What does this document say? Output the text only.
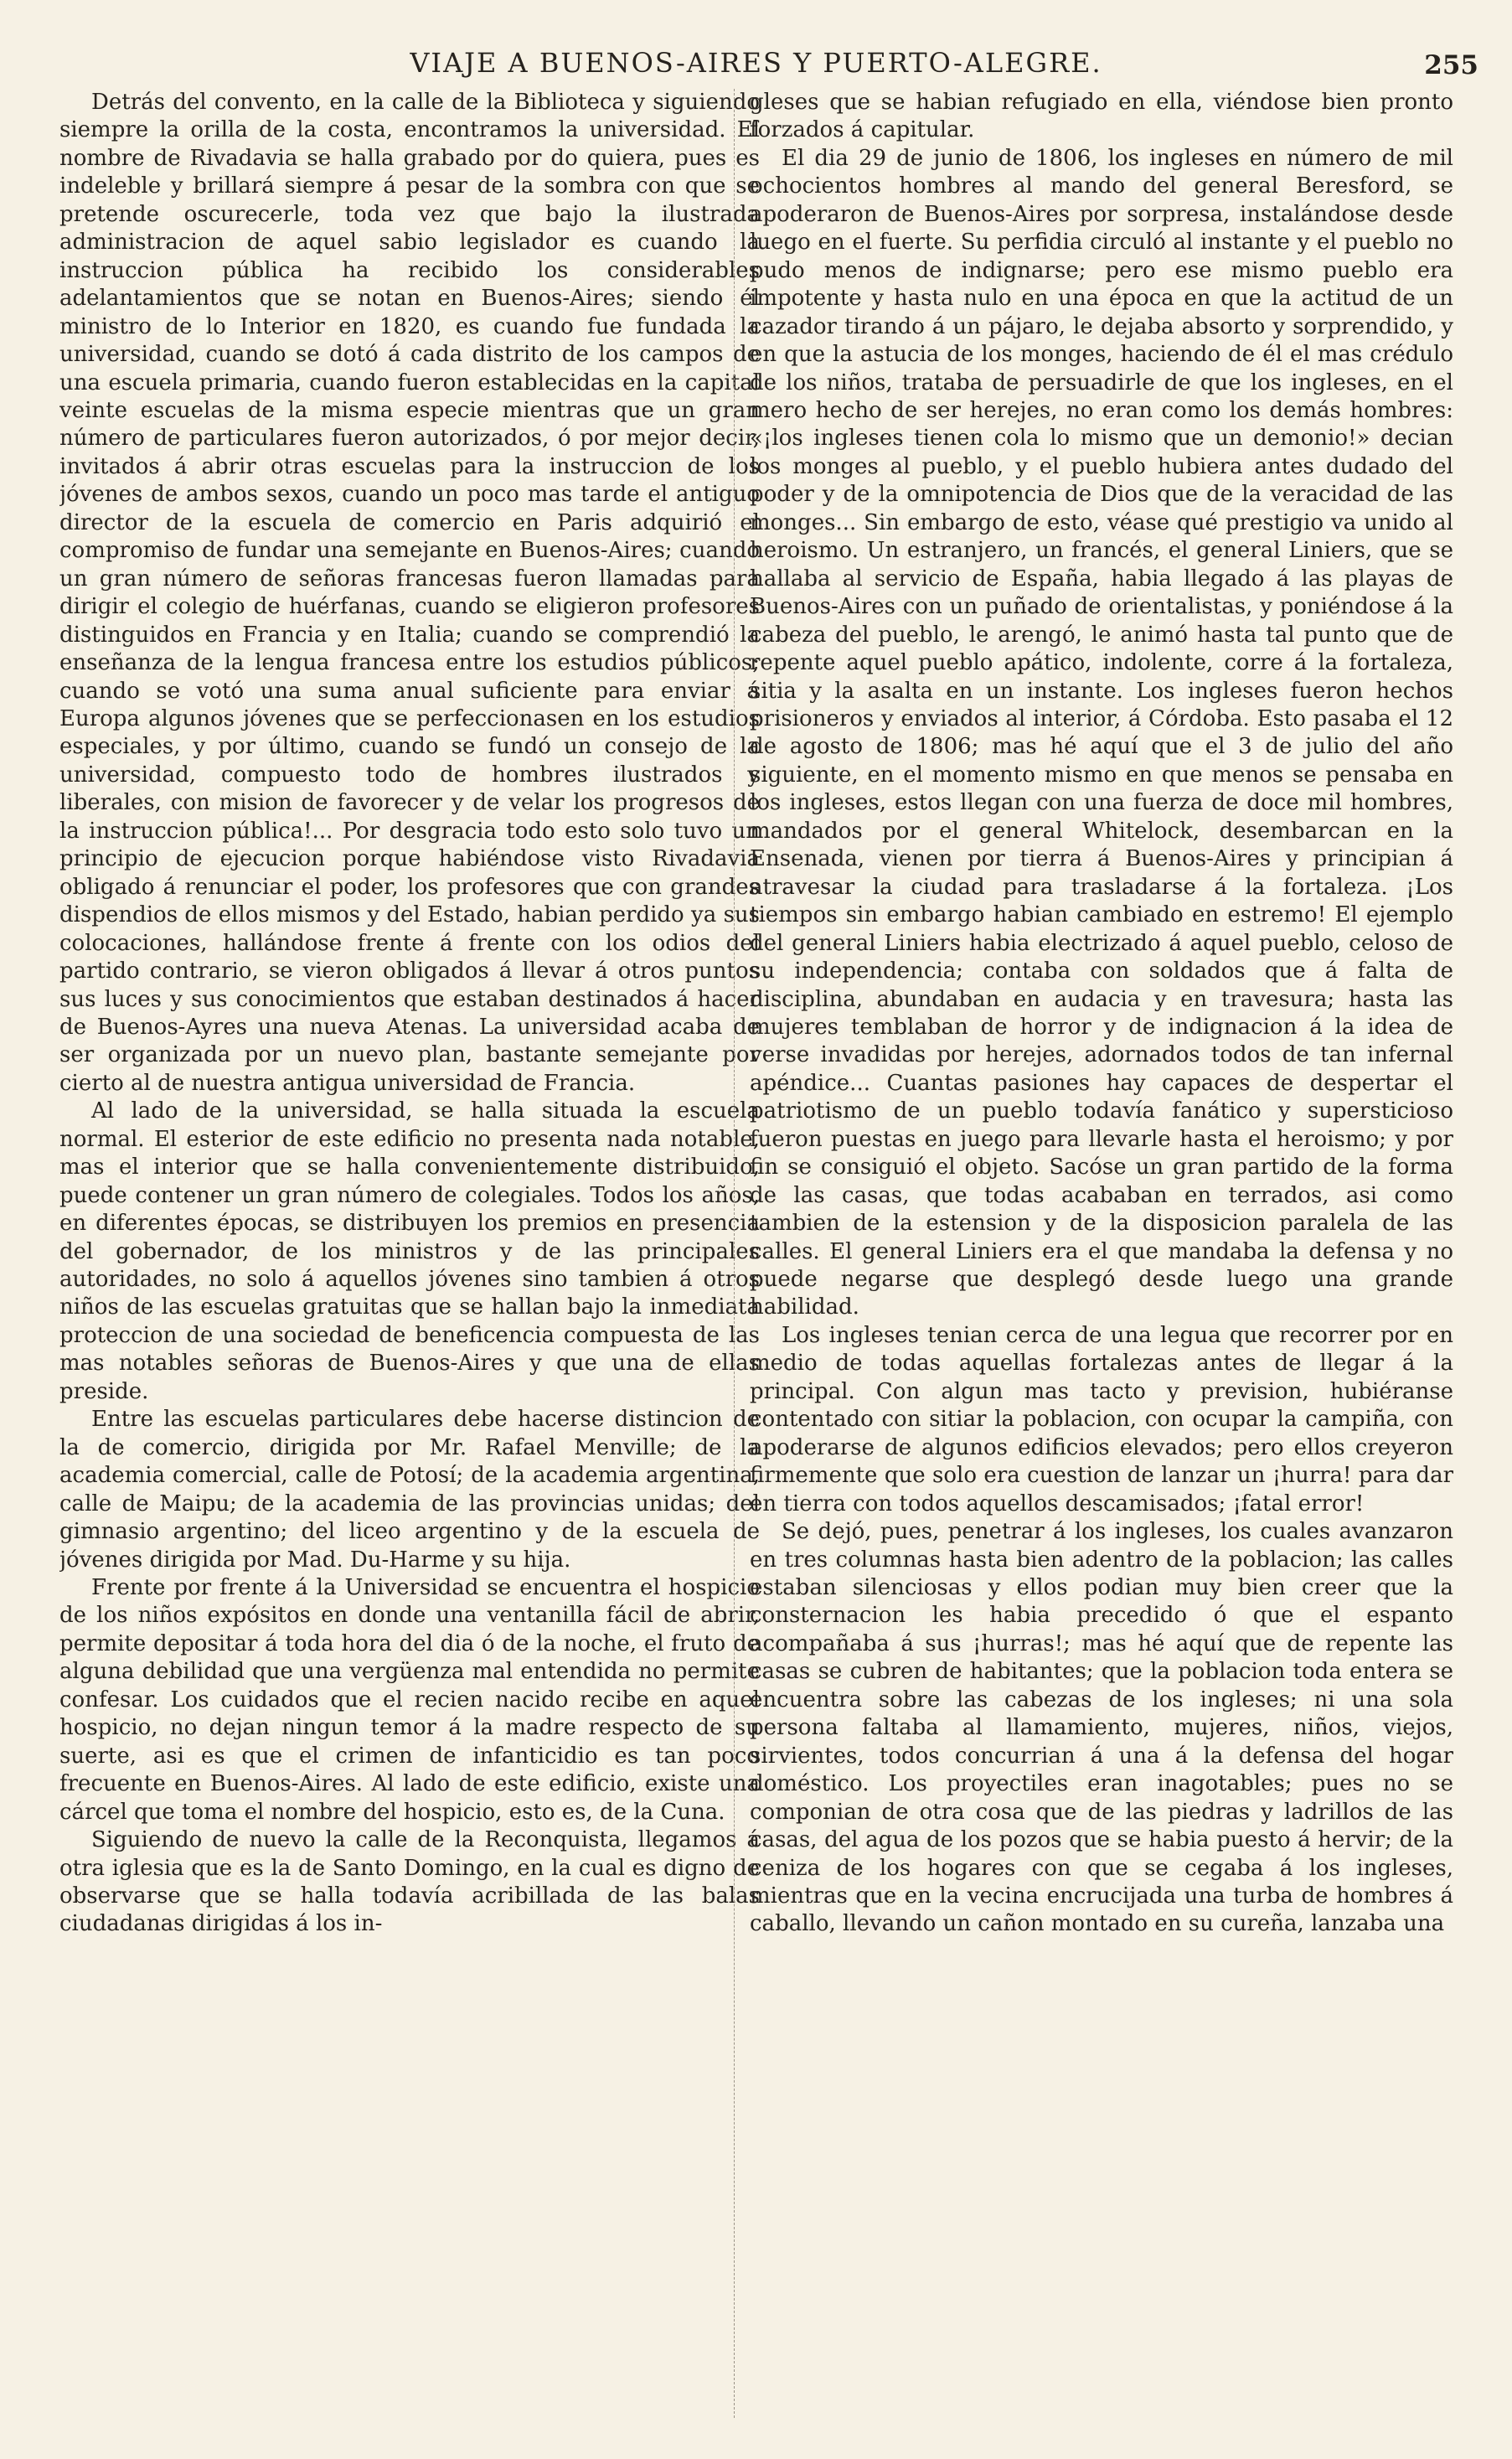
VIAJE A BUENOS-AIRES Y PUERTO-ALEGRE.	255

Detrás del convento, en la calle de la Biblioteca y siguiendo siempre la orilla de la costa, encontramos la universidad. El nombre de Rivadavia se halla grabado por do quiera, pues es indeleble y brillará siempre á pesar de la sombra con que se pretende oscurecerle, toda vez que bajo la ilustrada administracion de aquel sabio legislador es cuando la instruccion pública ha recibido los considerables adelantamientos que se notan en Buenos-Aires; siendo él ministro de lo Interior en 1820, es cuando fue fundada la universidad, cuando se dotó á cada distrito de los campos de una escuela primaria, cuando fueron establecidas en la capital veinte escuelas de la misma especie mientras que un gran número de particulares fueron autorizados, ó por mejor decir, invitados á abrir otras escuelas para la instruccion de los jóvenes de ambos sexos, cuando un poco mas tarde el antiguo director de la escuela de comercio en Paris adquirió el compromiso de fundar una semejante en Buenos-Aires; cuando un gran número de señoras francesas fueron llamadas para dirigir el colegio de huérfanas, cuando se eligieron profesores distinguidos en Francia y en Italia; cuando se comprendió la enseñanza de la lengua francesa entre los estudios públicos; cuando se votó una suma anual suficiente para enviar á Europa algunos jóvenes que se perfeccionasen en los estudios especiales, y por último, cuando se fundó un consejo de la universidad, compuesto todo de hombres ilustrados y liberales, con mision de favorecer y de velar los progresos de la instruccion pública!... Por desgracia todo esto solo tuvo un principio de ejecucion porque habiéndose visto Rivadavia obligado á renunciar el poder, los profesores que con grandes dispendios de ellos mismos y del Estado, habian perdido ya sus colocaciones, hallándose frente á frente con los odios del partido contrario, se vieron obligados á llevar á otros puntos sus luces y sus conocimientos que estaban destinados á hacer de Buenos-Ayres una nueva Atenas. La universidad acaba de ser organizada por un nuevo plan, bastante semejante por cierto al de nuestra antigua universidad de Francia.

Al lado de la universidad, se halla situada la escuela normal. El esterior de este edificio no presenta nada notable, mas el interior que se halla convenientemente distribuido, puede contener un gran número de colegiales. Todos los años, en diferentes épocas, se distribuyen los premios en presencia del gobernador, de los ministros y de las principales autoridades, no solo á aquellos jóvenes sino tambien á otros niños de las escuelas gratuitas que se hallan bajo la inmediata proteccion de una sociedad de beneficencia compuesta de las mas notables señoras de Buenos-Aires y que una de ellas preside.

Entre las escuelas particulares debe hacerse distincion de la de comercio, dirigida por Mr. Rafael Menville; de la academia comercial, calle de Potosí; de la academia argentina, calle de Maipu; de la academia de las provincias unidas; del gimnasio argentino; del liceo argentino y de la escuela de jóvenes dirigida por Mad. Du-Harme y su hija.

Frente por frente á la Universidad se encuentra el hospicio de los niños expósitos en donde una ventanilla fácil de abrir, permite depositar á toda hora del dia ó de la noche, el fruto de alguna debilidad que una vergüenza mal entendida no permite confesar. Los cuidados que el recien nacido recibe en aquel hospicio, no dejan ningun temor á la madre respecto de su suerte, asi es que el crimen de infanticidio es tan poco frecuente en Buenos-Aires. Al lado de este edificio, existe una cárcel que toma el nombre del hospicio, esto es, de la Cuna.

Siguiendo de nuevo la calle de la Reconquista, llegamos á otra iglesia que es la de Santo Domingo, en la cual es digno de observarse que se halla todavía acribillada de las balas ciudadanas dirigidas á los in-

gleses que se habian refugiado en ella, viéndose bien pronto forzados á capitular.

El dia 29 de junio de 1806, los ingleses en número de mil ochocientos hombres al mando del general Beresford, se apoderaron de Buenos-Aires por sorpresa, instalándose desde luego en el fuerte. Su perfidia circuló al instante y el pueblo no pudo menos de indignarse; pero ese mismo pueblo era impotente y hasta nulo en una época en que la actitud de un cazador tirando á un pájaro, le dejaba absorto y sorprendido, y en que la astucia de los monges, haciendo de él el mas crédulo de los niños, trataba de persuadirle de que los ingleses, en el mero hecho de ser herejes, no eran como los demás hombres: «¡los ingleses tienen cola lo mismo que un demonio!» decian los monges al pueblo, y el pueblo hubiera antes dudado del poder y de la omnipotencia de Dios que de la veracidad de las monges... Sin embargo de esto, véase qué prestigio va unido al heroismo. Un estranjero, un francés, el general Liniers, que se hallaba al servicio de España, habia llegado á las playas de Buenos-Aires con un puñado de orientalistas, y poniéndose á la cabeza del pueblo, le arengó, le animó hasta tal punto que de repente aquel pueblo apático, indolente, corre á la fortaleza, sitia y la asalta en un instante. Los ingleses fueron hechos prisioneros y enviados al interior, á Córdoba. Esto pasaba el 12 de agosto de 1806; mas hé aquí que el 3 de julio del año siguiente, en el momento mismo en que menos se pensaba en los ingleses, estos llegan con una fuerza de doce mil hombres, mandados por el general Whitelock, desembarcan en la Ensenada, vienen por tierra á Buenos-Aires y principian á atravesar la ciudad para trasladarse á la fortaleza. ¡Los tiempos sin embargo habian cambiado en estremo! El ejemplo del general Liniers habia electrizado á aquel pueblo, celoso de su independencia; contaba con soldados que á falta de disciplina, abundaban en audacia y en travesura; hasta las mujeres temblaban de horror y de indignacion á la idea de verse invadidas por herejes, adornados todos de tan infernal apéndice... Cuantas pasiones hay capaces de despertar el patriotismo de un pueblo todavía fanático y supersticioso fueron puestas en juego para llevarle hasta el heroismo; y por fin se consiguió el objeto. Sacóse un gran partido de la forma de las casas, que todas acababan en terrados, asi como tambien de la estension y de la disposicion paralela de las calles. El general Liniers era el que mandaba la defensa y no puede negarse que desplegó desde luego una grande habilidad.

Los ingleses tenian cerca de una legua que recorrer por en medio de todas aquellas fortalezas antes de llegar á la principal. Con algun mas tacto y prevision, hubiéranse contentado con sitiar la poblacion, con ocupar la campiña, con apoderarse de algunos edificios elevados; pero ellos creyeron firmemente que solo era cuestion de lanzar un ¡hurra! para dar en tierra con todos aquellos descamisados; ¡fatal error!

Se dejó, pues, penetrar á los ingleses, los cuales avanzaron en tres columnas hasta bien adentro de la poblacion; las calles estaban silenciosas y ellos podian muy bien creer que la consternacion les habia precedido ó que el espanto acompañaba á sus ¡hurras!; mas hé aquí que de repente las casas se cubren de habitantes; que la poblacion toda entera se encuentra sobre las cabezas de los ingleses; ni una sola persona faltaba al llamamiento, mujeres, niños, viejos, sirvientes, todos concurrian á una á la defensa del hogar doméstico. Los proyectiles eran inagotables; pues no se componian de otra cosa que de las piedras y ladrillos de las casas, del agua de los pozos que se habia puesto á hervir; de la ceniza de los hogares con que se cegaba á los ingleses, mientras que en la vecina encrucijada una turba de hombres á caballo, llevando un cañon montado en su cureña, lanzaba una
